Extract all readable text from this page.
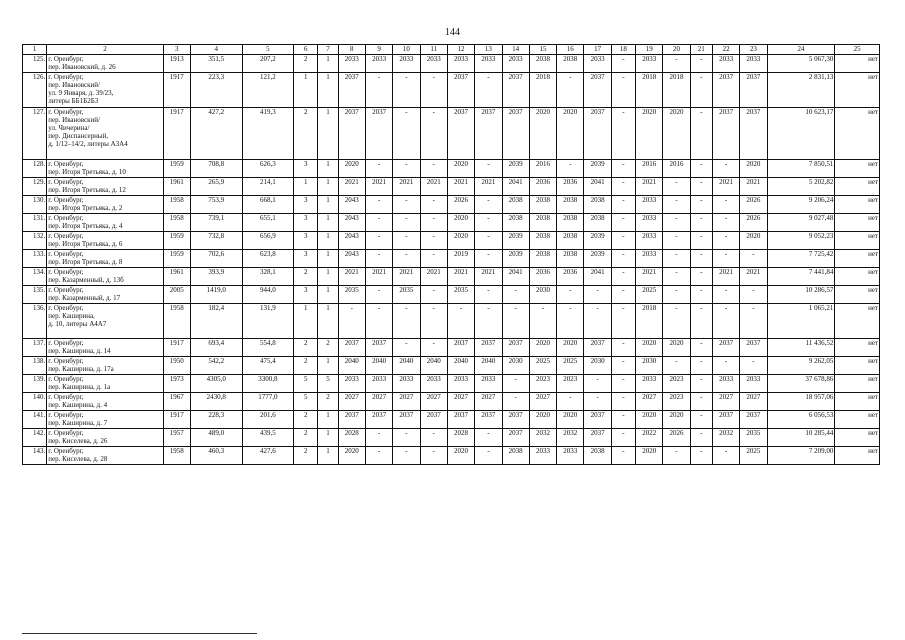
144
1	2	3	4	5	6	7	8	9	10	11	12	13	14	15	16	17	18	19	20	21	22	23	24	25
125.	г. Оренбург,
пер. Ивановский, д. 26	1913	351,5	207,2	2	1	2033	2033	2033	2033	2033	2033	2033	2038	2038	2033	-	2033	-	-	2033	2033	5 067,30	нет
126.	г. Оренбург,
пер. Ивановский/
ул. 9 Января, д. 39/23,
литеры ББ1Б2Б3	1917	223,3	121,2	1	1	2037	-	-	-	2037	-	2037	2018	-	2037	-	2018	2018	-	2037	2037	2 831,13	нет
127.	г. Оренбург,
пер. Ивановский/
ул. Чичерина/
пер. Диспансерный,
д. 1/12–14/2, литеры А3А4	1917	427,2	419,3	2	1	2037	2037	-	-	2037	2037	2037	2020	2020	2037	-	2020	2020	-	2037	2037	10 623,17	нет
128.	г. Оренбург,
пер. Игоря Третьяка, д. 10	1959	708,8	626,3	3	1	2020	-	-	-	2020	-	2039	2016	-	2039	-	2016	2016	-	-	2020	7 850,51	нет
129.	г. Оренбург,
пер. Игоря Третьяка, д. 12	1961	265,9	214,1	1	1	2021	2021	2021	2021	2021	2021	2041	2036	2036	2041	-	2021	-	-	2021	2021	5 202,82	нет
130.	г. Оренбург,
пер. Игоря Третьяка, д. 2	1958	753,9	668,1	3	1	2043	-	-	-	2026	-	2038	2038	2038	2038	-	2033	-	-	-	2026	9 206,24	нет
131.	г. Оренбург,
пер. Игоря Третьяка, д. 4	1958	739,1	655,1	3	1	2043	-	-	-	2020	-	2038	2038	2038	2038	-	2033	-	-	-	2026	9 027,48	нет
132.	г. Оренбург,
пер. Игоря Третьяка, д. 6	1959	732,8	656,9	3	1	2043	-	-	-	2020	-	2039	2038	2038	2039	-	2033	-	-	-	2020	9 052,23	нет
133.	г. Оренбург,
пер. Игоря Третьяка, д. 8	1959	702,6	623,8	3	1	2043	-	-	-	2019	-	2039	2038	2038	2039	-	2033	-	-	-	-	7 725,42	нет
134.	г. Оренбург,
пер. Казарменный, д. 13б	1961	393,9	328,1	2	1	2021	2021	2021	2021	2021	2021	2041	2036	2036	2041	-	2021	-	-	2021	2021	7 441,84	нет
135.	г. Оренбург,
пер. Казарменный, д. 17	2005	1419,0	944,0	3	1	2035	-	2035	-	2035	-	-	2030	-	-	-	2025	-	-	-	-	10 286,57	нет
136.	г. Оренбург,
пер. Каширина,
д. 10, литеры А4А7	1958	182,4	131,9	1	1	-	-	-	-	-	-	-	-	-	-	-	2018	-	-	-	-	1 065,21	нет
137.	г. Оренбург,
пер. Каширина, д. 14	1917	693,4	554,8	2	2	2037	2037	-	-	2037	2037	2037	2020	2020	2037	-	2020	2020	-	2037	2037	11 436,52	нет
138.	г. Оренбург,
пер. Каширина, д. 17а	1950	542,2	475,4	2	1	2040	2040	2040	2040	2040	2040	2030	2025	2025	2030	-	2030	-	-	-	-	9 262,05	нет
139.	г. Оренбург,
пер. Каширина, д. 1а	1973	4305,0	3300,8	5	5	2033	2033	2033	2033	2033	2033	-	2023	2023	-	-	2033	2023	-	2033	2033	37 678,86	нет
140.	г. Оренбург,
пер. Каширина, д. 4	1967	2430,8	1777,0	5	2	2027	2027	2027	2027	2027	2027	-	2027	-	-	-	2027	2023	-	2027	2027	18 957,06	нет
141.	г. Оренбург,
пер. Каширина, д. 7	1917	228,3	201,6	2	1	2037	2037	2037	2037	2037	2037	2037	2020	2020	2037	-	2020	2020	-	2037	2037	6 056,53	нет
142.	г. Оренбург,
пер. Киселева, д. 26	1957	489,0	439,5	2	1	2028	-	-	-	2028	-	2037	2032	2032	2037	-	2022	2026	-	2032	2035	10 285,44	нет
143.	г. Оренбург,
пер. Киселева, д. 28	1958	460,3	427,6	2	1	2020	-	-	-	2020	-	2038	2033	2033	2038	-	2020	-	-	-	2025	7 209,00	нет
